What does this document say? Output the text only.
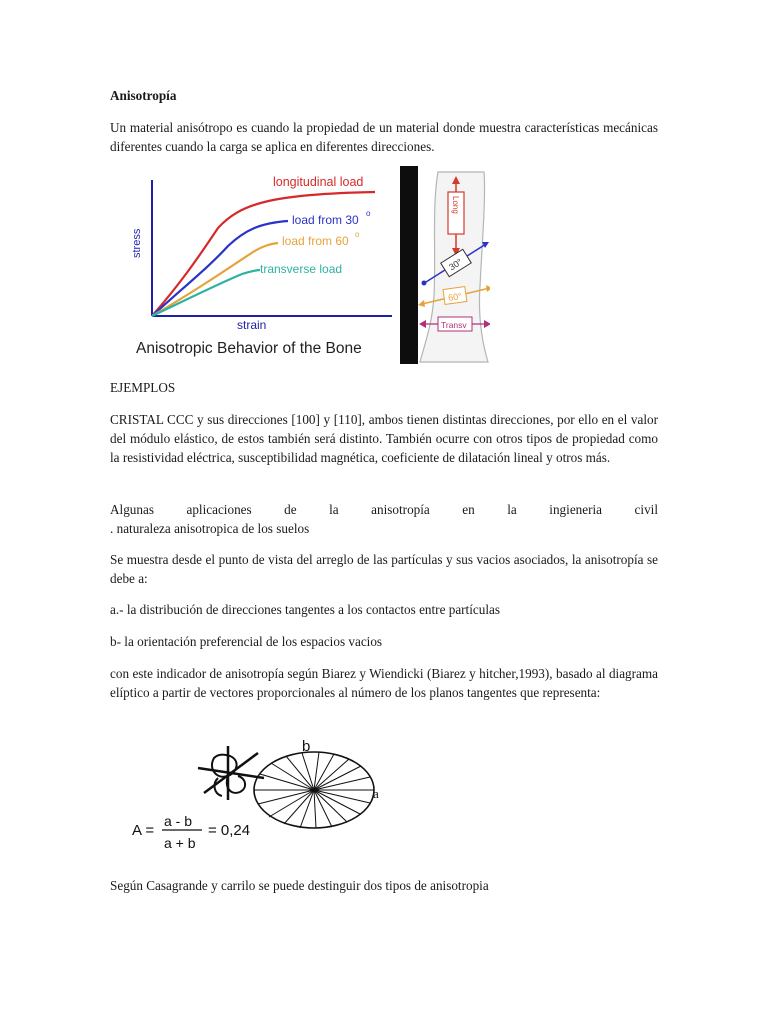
Anisotropía
Un material anisótropo es cuando la propiedad de un material donde muestra características mecánicas diferentes cuando la carga se aplica en diferentes direcciones.
longitudinal load
load from 30 o
load from 60 o
transverse load
strain
stress
Anisotropic Behavior of the Bone
Long
30°
60°
Transv
EJEMPLOS
CRISTAL CCC y sus direcciones [100] y [110], ambos tienen distintas direcciones, por ello en el valor del módulo elástico, de estos también será distinto. También ocurre con otros tipos de propiedad como la resistividad eléctrica, susceptibilidad magnética, coeficiente de dilatación lineal y otros más.
Algunas aplicaciones de la anisotropía en la ingieneria civil
. naturaleza anisotropica de los suelos
Se muestra desde el punto de vista del arreglo de las partículas y sus vacios asociados, la anisotropía se debe a:
a.- la distribución de direcciones tangentes a los contactos entre partículas
b- la orientación preferencial de los espacios vacios
con este indicador de anisotropía según Biarez y Wiendicki (Biarez y hitcher,1993), basado al diagrama elíptico a partir de vectores proporcionales al número de los planos tangentes que representa:
b
a
A =
a - b
a + b
= 0,24
Según Casagrande y carrilo se puede destinguir dos tipos de anisotropia
